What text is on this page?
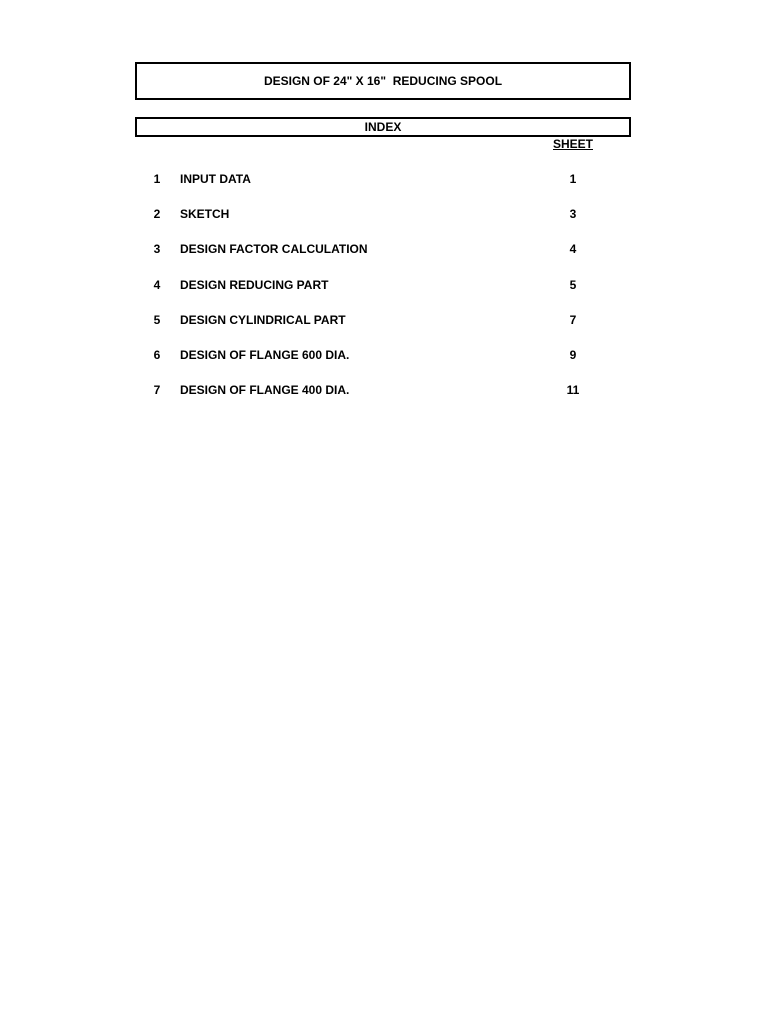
DESIGN OF 24" X 16"  REDUCING SPOOL
INDEX
SHEET
1	INPUT DATA	1
2	SKETCH	3
3	DESIGN FACTOR CALCULATION	4
4	DESIGN REDUCING PART	5
5	DESIGN CYLINDRICAL PART	7
6	DESIGN OF FLANGE 600 DIA.	9
7	DESIGN OF FLANGE 400 DIA.	11
